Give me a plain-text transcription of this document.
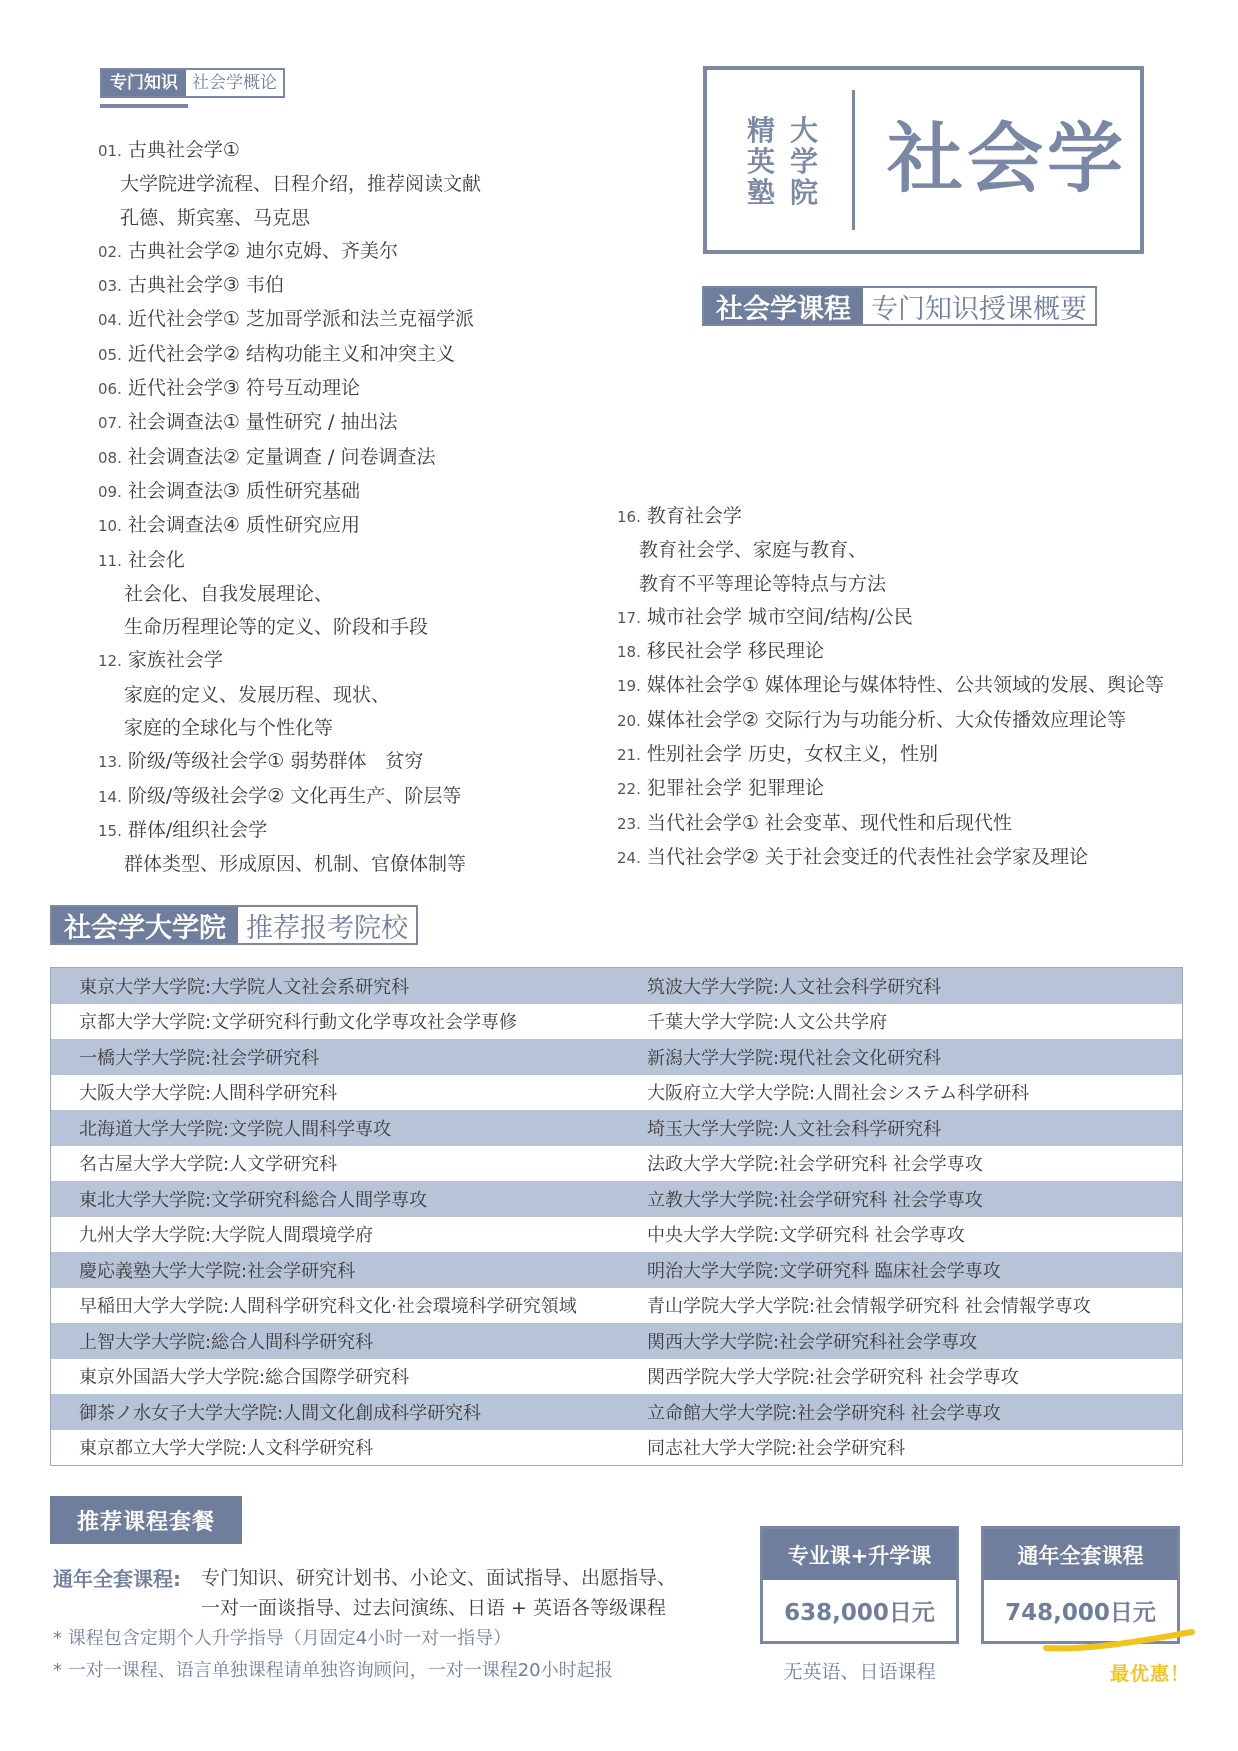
专门知识 社会学概论
精
英
塾
大
学
院 社会学
社会学课程 专门知识授课概要
01. 古典社会学①
大学院进学流程、日程介绍，推荐阅读文献
孔德、斯宾塞、马克思
02. 古典社会学② 迪尔克姆、齐美尔
03. 古典社会学③ 韦伯
04. 近代社会学① 芝加哥学派和法兰克福学派
05. 近代社会学② 结构功能主义和冲突主义
06. 近代社会学③ 符号互动理论
07. 社会调查法① 量性研究 / 抽出法
08. 社会调查法② 定量调查 / 问卷调查法
09. 社会调查法③ 质性研究基础
10. 社会调查法④ 质性研究应用
11. 社会化
社会化、自我发展理论、
生命历程理论等的定义、阶段和手段
12. 家族社会学
家庭的定义、发展历程、现状、
家庭的全球化与个性化等
13. 阶级/等级社会学① 弱势群体　贫穷
14. 阶级/等级社会学② 文化再生产、阶层等
15. 群体/组织社会学
群体类型、形成原因、机制、官僚体制等
16. 教育社会学
教育社会学、家庭与教育、
教育不平等理论等特点与方法
17. 城市社会学 城市空间/结构/公民
18. 移民社会学 移民理论
19. 媒体社会学① 媒体理论与媒体特性、公共领域的发展、舆论等
20. 媒体社会学② 交际行为与功能分析、大众传播效应理论等
21. 性别社会学 历史，女权主义，性别
22. 犯罪社会学 犯罪理论
23. 当代社会学① 社会变革、现代性和后现代性
24. 当代社会学② 关于社会变迁的代表性社会学家及理论
社会学大学院 推荐报考院校
東京大学大学院:大学院人文社会系研究科	筑波大学大学院:人文社会科学研究科
京都大学大学院:文学研究科行動文化学専攻社会学専修	千葉大学大学院:人文公共学府
一橋大学大学院:社会学研究科	新潟大学大学院:現代社会文化研究科
大阪大学大学院:人間科学研究科	大阪府立大学大学院:人間社会システム科学研科
北海道大学大学院:文学院人間科学専攻	埼玉大学大学院:人文社会科学研究科
名古屋大学大学院:人文学研究科	法政大学大学院:社会学研究科 社会学専攻
東北大学大学院:文学研究科総合人間学専攻	立教大学大学院:社会学研究科 社会学専攻
九州大学大学院:大学院人間環境学府	中央大学大学院:文学研究科 社会学専攻
慶応義塾大学大学院:社会学研究科	明治大学大学院:文学研究科 臨床社会学専攻
早稲田大学大学院:人間科学研究科文化·社会環境科学研究領域	青山学院大学大学院:社会情報学研究科 社会情報学専攻
上智大学大学院:総合人間科学研究科	関西大学大学院:社会学研究科社会学専攻
東京外国語大学大学院:総合国際学研究科	関西学院大学大学院:社会学研究科 社会学専攻
御茶ノ水女子大学大学院:人間文化創成科学研究科	立命館大学大学院:社会学研究科 社会学専攻
東京都立大学大学院:人文科学研究科	同志社大学大学院:社会学研究科
推荐课程套餐
通年全套课程: 专门知识、研究计划书、小论文、面试指导、出愿指导、
一对一面谈指导、过去问演练、日语 + 英语各等级课程
* 课程包含定期个人升学指导（月固定4小时一对一指导）
* 一对一课程、语言单独课程请单独咨询顾问，一对一课程20小时起报
专业课+升学课
638,000日元
无英语、日语课程
通年全套课程
748,000日元
最优惠！
